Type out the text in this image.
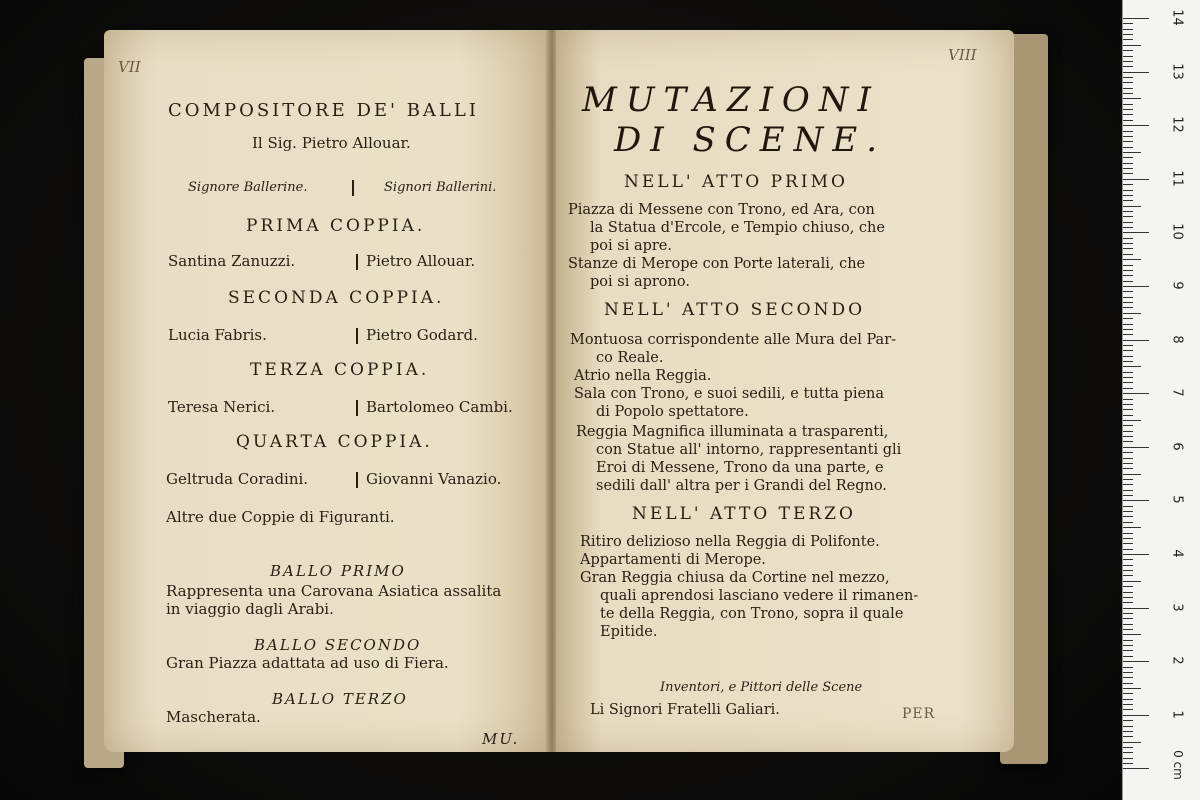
VII
COMPOSITORE DE' BALLI
Il Sig. Pietro Allouar.
Signore Ballerine.	Signori Ballerini.
PRIMA COPPIA.
Santina Zanuzzi.	Pietro Allouar.
SECONDA COPPIA.
Lucia Fabris.	Pietro Godard.
TERZA COPPIA.
Teresa Nerici.	Bartolomeo Cambi.
QUARTA COPPIA.
Geltruda Coradini.	Giovanni Vanazio.
Altre due Coppie di Figuranti.
BALLO PRIMO
Rappresenta una Carovana Asiatica assalita
in viaggio dagli Arabi.
BALLO SECONDO
Gran Piazza adattata ad uso di Fiera.
BALLO TERZO
Mascherata.
MU.
VIII
MUTAZIONI
DI SCENE.
NELL' ATTO PRIMO
Piazza di Messene con Trono, ed Ara, con
la Statua d'Ercole, e Tempio chiuso, che
poi si apre.
Stanze di Merope con Porte laterali, che
poi si aprono.
NELL' ATTO SECONDO
Montuosa corrispondente alle Mura del Par-
co Reale.
Atrio nella Reggia.
Sala con Trono, e suoi sedili, e tutta piena
di Popolo spettatore.
Reggia Magnifica illuminata a trasparenti,
con Statue all' intorno, rappresentanti gli
Eroi di Messene, Trono da una parte, e
sedili dall' altra per i Grandi del Regno.
NELL' ATTO TERZO
Ritiro delizioso nella Reggia di Polifonte.
Appartamenti di Merope.
Gran Reggia chiusa da Cortine nel mezzo,
quali aprendosi lasciano vedere il rimanen-
te della Reggia, con Trono, sopra il quale
Epitide.
Inventori, e Pittori delle Scene
Li Signori Fratelli Galiari.	PER
0 cm
14
13
12
11
10
9
8
7
6
5
4
3
2
1
